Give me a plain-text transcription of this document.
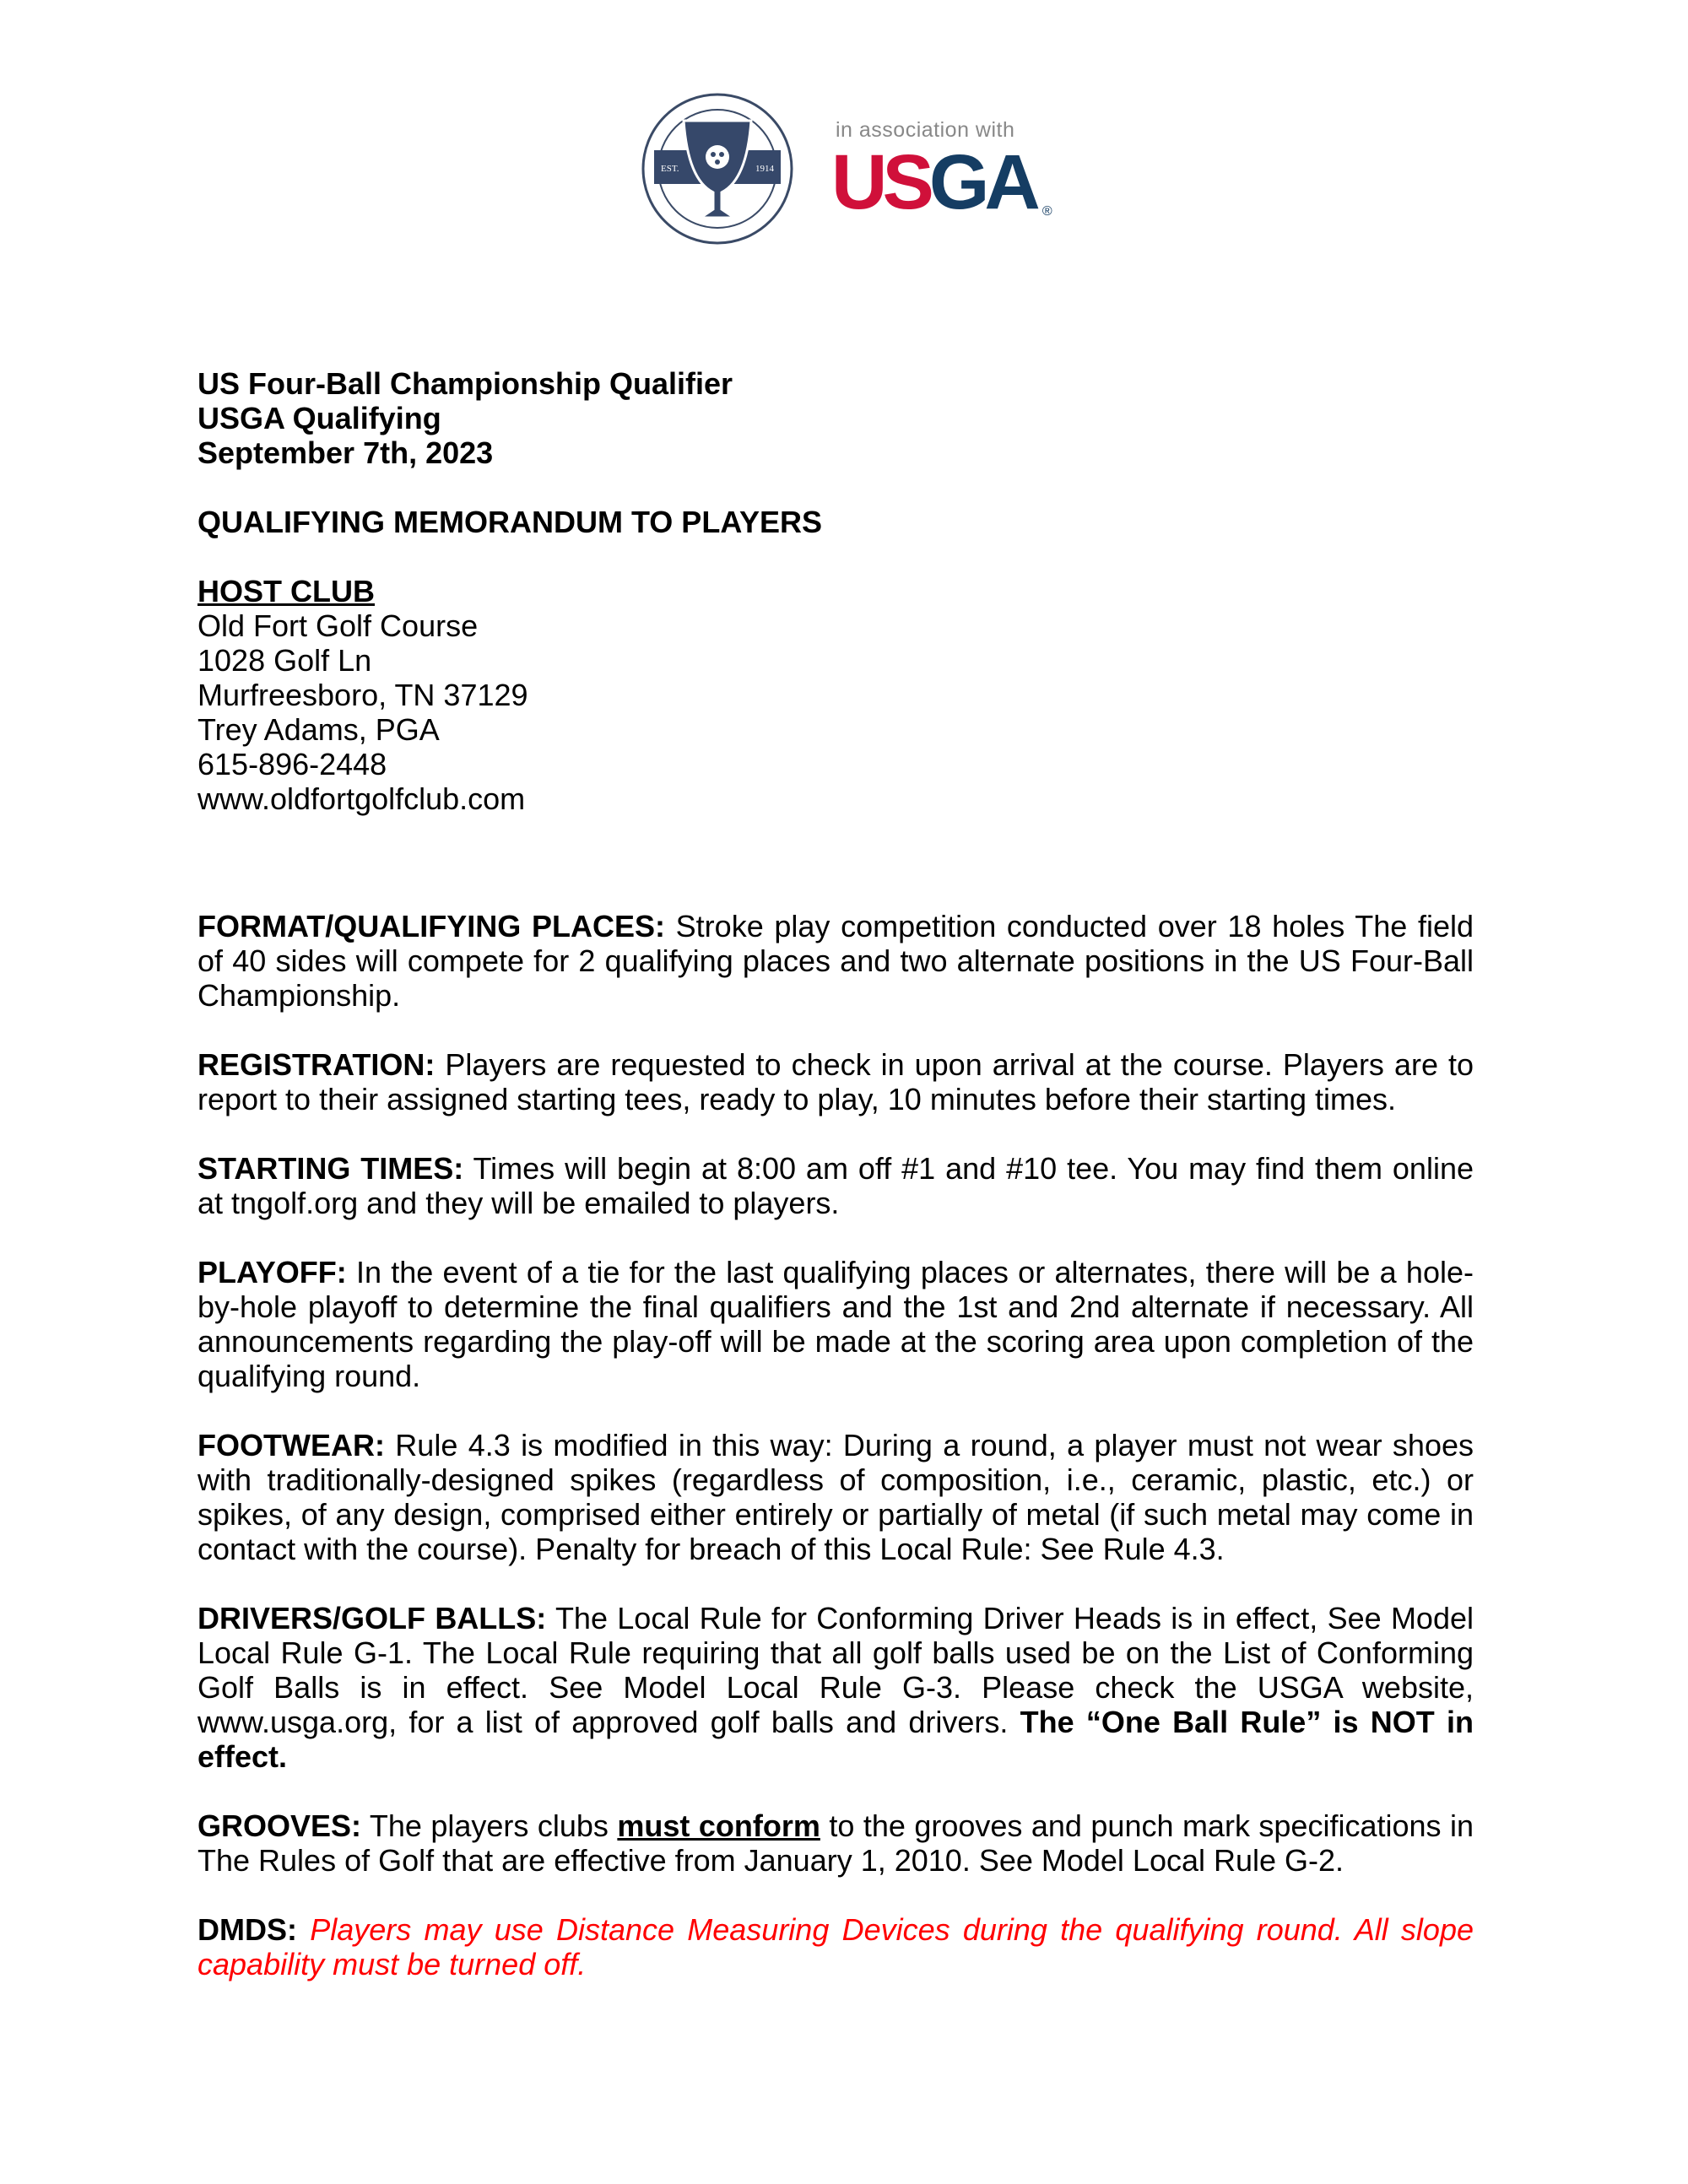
EST.	1914
in association with
USGA ®
US Four-Ball Championship Qualifier
USGA Qualifying
September 7th, 2023
QUALIFYING MEMORANDUM TO PLAYERS
HOST CLUB
Old Fort Golf Course
1028 Golf Ln
Murfreesboro, TN 37129
Trey Adams, PGA
615-896-2448
www.oldfortgolfclub.com

FORMAT/QUALIFYING PLACES: Stroke play competition conducted over 18 holes The field of 40 sides will compete for 2 qualifying places and two alternate positions in the US Four-Ball Championship.

REGISTRATION: Players are requested to check in upon arrival at the course. Players are to report to their assigned starting tees, ready to play, 10 minutes before their starting times.

STARTING TIMES: Times will begin at 8:00 am off #1 and #10 tee. You may find them online at tngolf.org and they will be emailed to players.

PLAYOFF: In the event of a tie for the last qualifying places or alternates, there will be a hole-by-hole playoff to determine the final qualifiers and the 1st and 2nd alternate if necessary. All announcements regarding the play-off will be made at the scoring area upon completion of the qualifying round.

FOOTWEAR: Rule 4.3 is modified in this way: During a round, a player must not wear shoes with traditionally-designed spikes (regardless of composition, i.e., ceramic, plastic, etc.) or spikes, of any design, comprised either entirely or partially of metal (if such metal may come in contact with the course). Penalty for breach of this Local Rule: See Rule 4.3.

DRIVERS/GOLF BALLS: The Local Rule for Conforming Driver Heads is in effect, See Model Local Rule G-1. The Local Rule requiring that all golf balls used be on the List of Conforming Golf Balls is in effect. See Model Local Rule G-3. Please check the USGA website, www.usga.org, for a list of approved golf balls and drivers. The “One Ball Rule” is NOT in effect.

GROOVES: The players clubs must conform to the grooves and punch mark specifications in The Rules of Golf that are effective from January 1, 2010. See Model Local Rule G-2.

DMDS: Players may use Distance Measuring Devices during the qualifying round. All slope capability must be turned off.
